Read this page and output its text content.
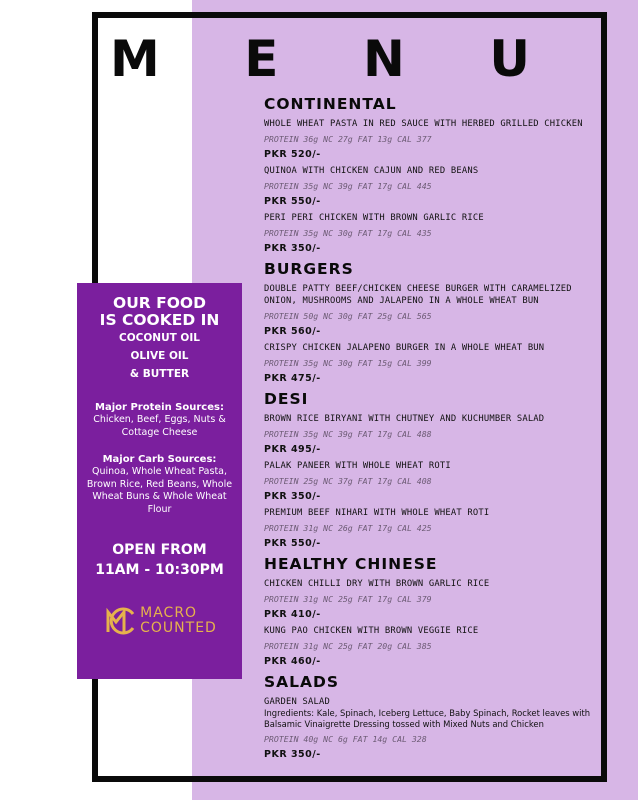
M E N U
CONTINENTAL
WHOLE WHEAT PASTA IN RED SAUCE WITH HERBED GRILLED CHICKEN
PROTEIN 36g NC 27g FAT 13g CAL 377
PKR 520/-
QUINOA WITH CHICKEN CAJUN AND RED BEANS
PROTEIN 35g NC 39g FAT 17g CAL 445
PKR 550/-
PERI PERI CHICKEN WITH BROWN GARLIC RICE
PROTEIN 35g NC 30g FAT 17g CAL 435
PKR 350/-
BURGERS
DOUBLE PATTY BEEF/CHICKEN CHEESE BURGER WITH CARAMELIZED ONION, MUSHROOMS AND JALAPENO IN A WHOLE WHEAT BUN
PROTEIN 50g NC 30g FAT 25g CAL 565
PKR 560/-
CRISPY CHICKEN JALAPENO BURGER IN A WHOLE WHEAT BUN
PROTEIN 35g NC 30g FAT 15g CAL 399
PKR 475/-
DESI
BROWN RICE BIRYANI WITH CHUTNEY AND KUCHUMBER SALAD
PROTEIN 35g NC 39g FAT 17g CAL 488
PKR 495/-
PALAK PANEER WITH WHOLE WHEAT ROTI
PROTEIN 25g NC 37g FAT 17g CAL 408
PKR 350/-
PREMIUM BEEF NIHARI WITH WHOLE WHEAT ROTI
PROTEIN 31g NC 26g FAT 17g CAL 425
PKR 550/-
HEALTHY CHINESE
CHICKEN CHILLI DRY WITH BROWN GARLIC RICE
PROTEIN 31g NC 25g FAT 17g CAL 379
PKR 410/-
KUNG PAO CHICKEN WITH BROWN VEGGIE RICE
PROTEIN 31g NC 25g FAT 20g CAL 385
PKR 460/-
SALADS
GARDEN SALAD
Ingredients: Kale, Spinach, Iceberg Lettuce, Baby Spinach, Rocket leaves with Balsamic Vinaigrette Dressing tossed with Mixed Nuts and Chicken
PROTEIN 40g NC 6g FAT 14g CAL 328
PKR 350/-
OUR FOOD
IS COOKED IN
COCONUT OIL
OLIVE OIL
& BUTTER
Major Protein Sources:
Chicken, Beef, Eggs, Nuts & Cottage Cheese
Major Carb Sources:
Quinoa, Whole Wheat Pasta, Brown Rice, Red Beans, Whole Wheat Buns & Whole Wheat Flour
OPEN FROM
11AM - 10:30PM
MACRO
COUNTED
